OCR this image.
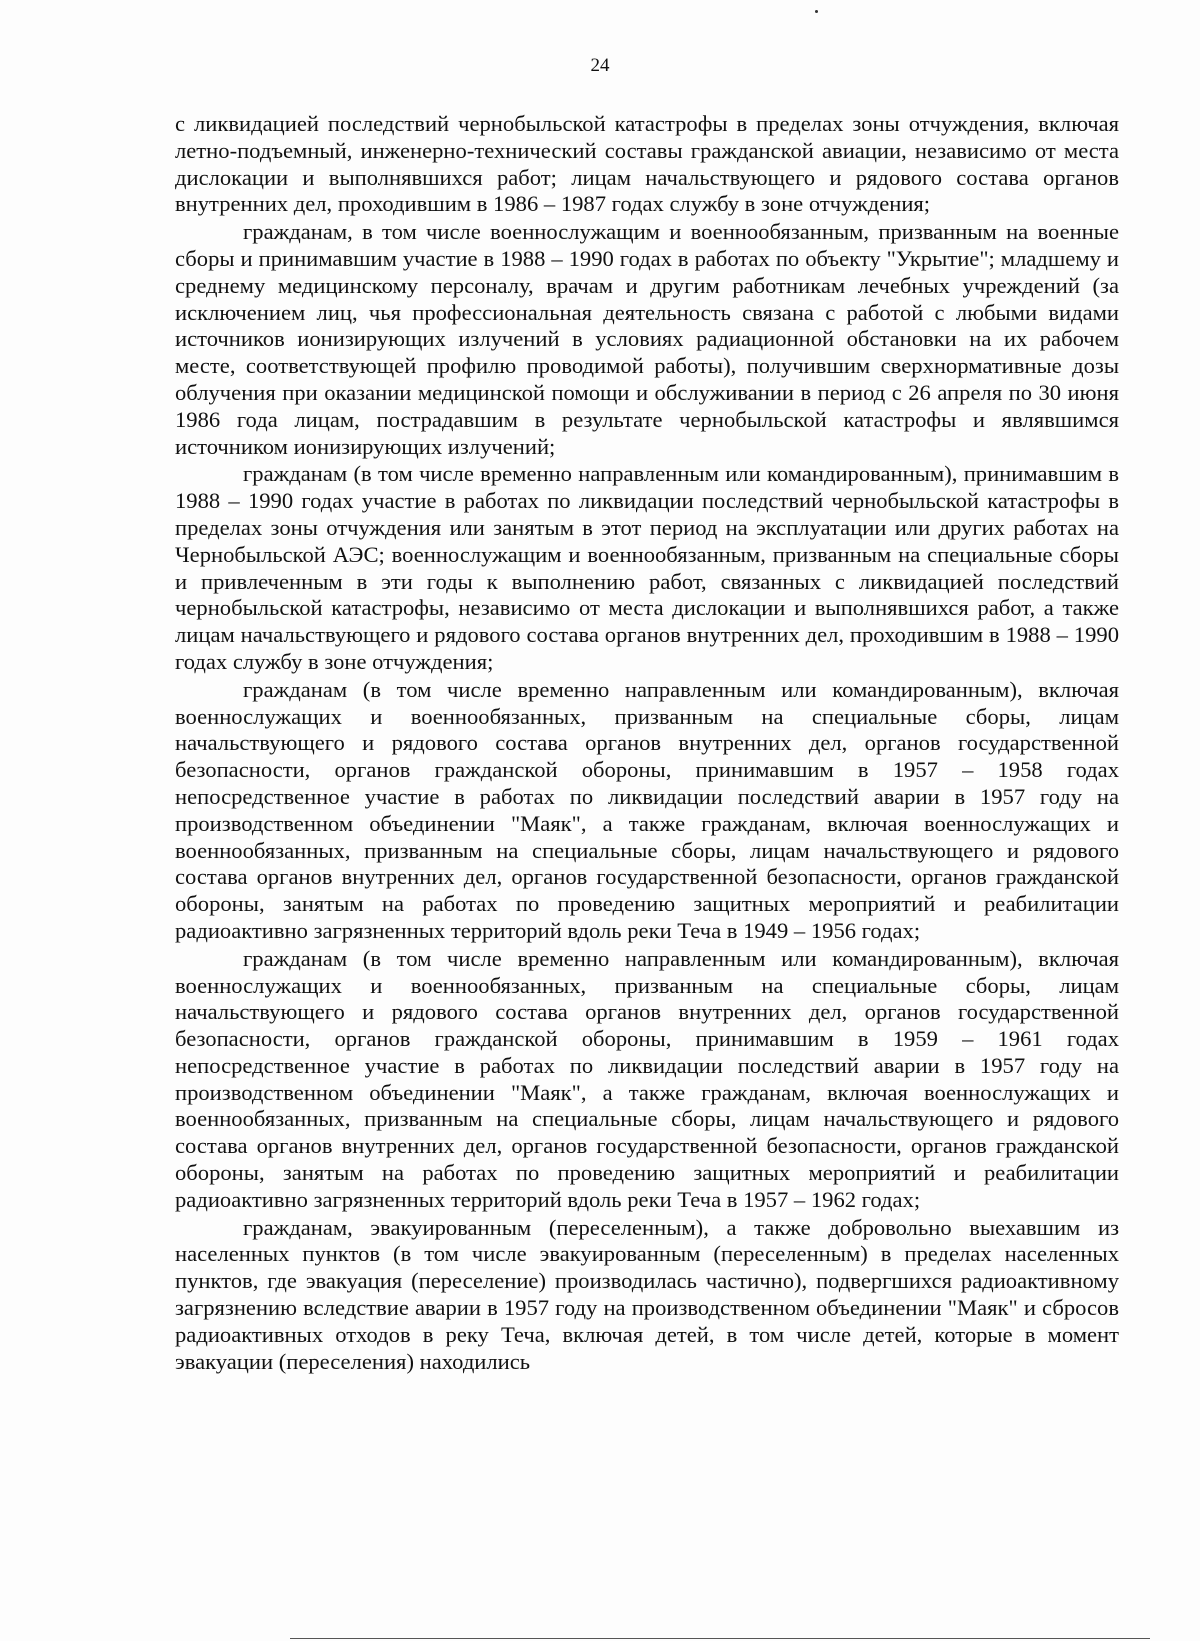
24

с ликвидацией последствий чернобыльской катастрофы в пределах зоны отчуждения, включая летно-подъемный, инженерно-технический составы гражданской авиации, независимо от места дислокации и выполнявшихся работ; лицам начальствующего и рядового состава органов внутренних дел, проходившим в 1986 – 1987 годах службу в зоне отчуждения;

гражданам, в том числе военнослужащим и военнообязанным, призванным на военные сборы и принимавшим участие в 1988 – 1990 годах в работах по объекту "Укрытие"; младшему и среднему медицинскому персоналу, врачам и другим работникам лечебных учреждений (за исключением лиц, чья профессиональная деятельность связана с работой с любыми видами источников ионизирующих излучений в условиях радиационной обстановки на их рабочем месте, соответствующей профилю проводимой работы), получившим сверхнормативные дозы облучения при оказании медицинской помощи и обслуживании в период с 26 апреля по 30 июня 1986 года лицам, пострадавшим в результате чернобыльской катастрофы и являвшимся источником ионизирующих излучений;

гражданам (в том числе временно направленным или командированным), принимавшим в 1988 – 1990 годах участие в работах по ликвидации последствий чернобыльской катастрофы в пределах зоны отчуждения или занятым в этот период на эксплуатации или других работах на Чернобыльской АЭС; военнослужащим и военнообязанным, призванным на специальные сборы и привлеченным в эти годы к выполнению работ, связанных с ликвидацией последствий чернобыльской катастрофы, независимо от места дислокации и выполнявшихся работ, а также лицам начальствующего и рядового состава органов внутренних дел, проходившим в 1988 – 1990 годах службу в зоне отчуждения;

гражданам (в том числе временно направленным или командированным), включая военнослужащих и военнообязанных, призванным на специальные сборы, лицам начальствующего и рядового состава органов внутренних дел, органов государственной безопасности, органов гражданской обороны, принимавшим в 1957 – 1958 годах непосредственное участие в работах по ликвидации последствий аварии в 1957 году на производственном объединении "Маяк", а также гражданам, включая военнослужащих и военнообязанных, призванным на специальные сборы, лицам начальствующего и рядового состава органов внутренних дел, органов государственной безопасности, органов гражданской обороны, занятым на работах по проведению защитных мероприятий и реабилитации радиоактивно загрязненных территорий вдоль реки Теча в 1949 – 1956 годах;

гражданам (в том числе временно направленным или командированным), включая военнослужащих и военнообязанных, призванным на специальные сборы, лицам начальствующего и рядового состава органов внутренних дел, органов государственной безопасности, органов гражданской обороны, принимавшим в 1959 – 1961 годах непосредственное участие в работах по ликвидации последствий аварии в 1957 году на производственном объединении "Маяк", а также гражданам, включая военнослужащих и военнообязанных, призванным на специальные сборы, лицам начальствующего и рядового состава органов внутренних дел, органов государственной безопасности, органов гражданской обороны, занятым на работах по проведению защитных мероприятий и реабилитации радиоактивно загрязненных территорий вдоль реки Теча в 1957 – 1962 годах;

гражданам, эвакуированным (переселенным), а также добровольно выехавшим из населенных пунктов (в том числе эвакуированным (переселенным) в пределах населенных пунктов, где эвакуация (переселение) производилась частично), подвергшихся радиоактивному загрязнению вследствие аварии в 1957 году на производственном объединении "Маяк" и сбросов радиоактивных отходов в реку Теча, включая детей, в том числе детей, которые в момент эвакуации (переселения) находились
